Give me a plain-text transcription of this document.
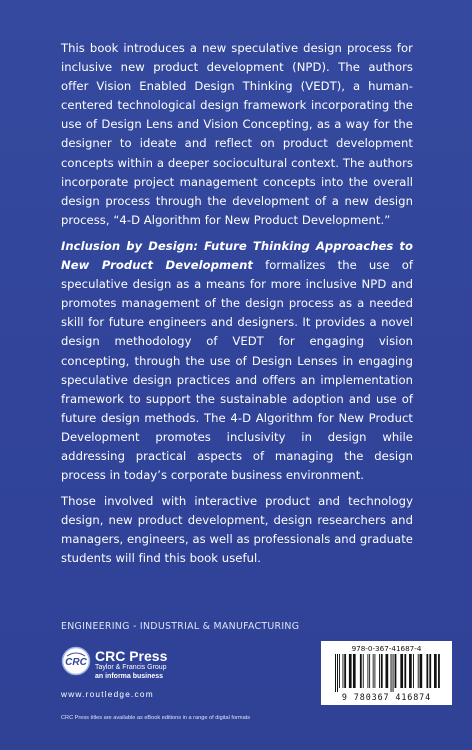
This book introduces a new speculative design process for inclusive new product development (NPD). The authors offer Vision Enabled Design Thinking (VEDT), a human-centered technological design framework incorporating the use of Design Lens and Vision Concepting, as a way for the designer to ideate and reflect on product development concepts within a deeper sociocultural context. The authors incorporate project management concepts into the overall design process through the development of a new design process, “4-D Algorithm for New Product Development.”

Inclusion by Design: Future Thinking Approaches to New Product Development formalizes the use of speculative design as a means for more inclusive NPD and promotes management of the design process as a needed skill for future engineers and designers. It provides a novel design methodology of VEDT for engaging vision concepting, through the use of Design Lenses in engaging speculative design practices and offers an implementation framework to support the sustainable adoption and use of future design methods. The 4-D Algorithm for New Product Development promotes inclusivity in design while addressing practical aspects of managing the design process in today’s corporate business environment.

Those involved with interactive product and technology design, new product development, design researchers and managers, engineers, as well as professionals and graduate students will find this book useful.

ENGINEERING - INDUSTRIAL & MANUFACTURING
CRC CRC Press
Taylor & Francis Group
an informa business
www.routledge.com
CRC Press titles are available as eBook editions in a range of digital formats
978-0-367-41687-4
9 780367 416874
